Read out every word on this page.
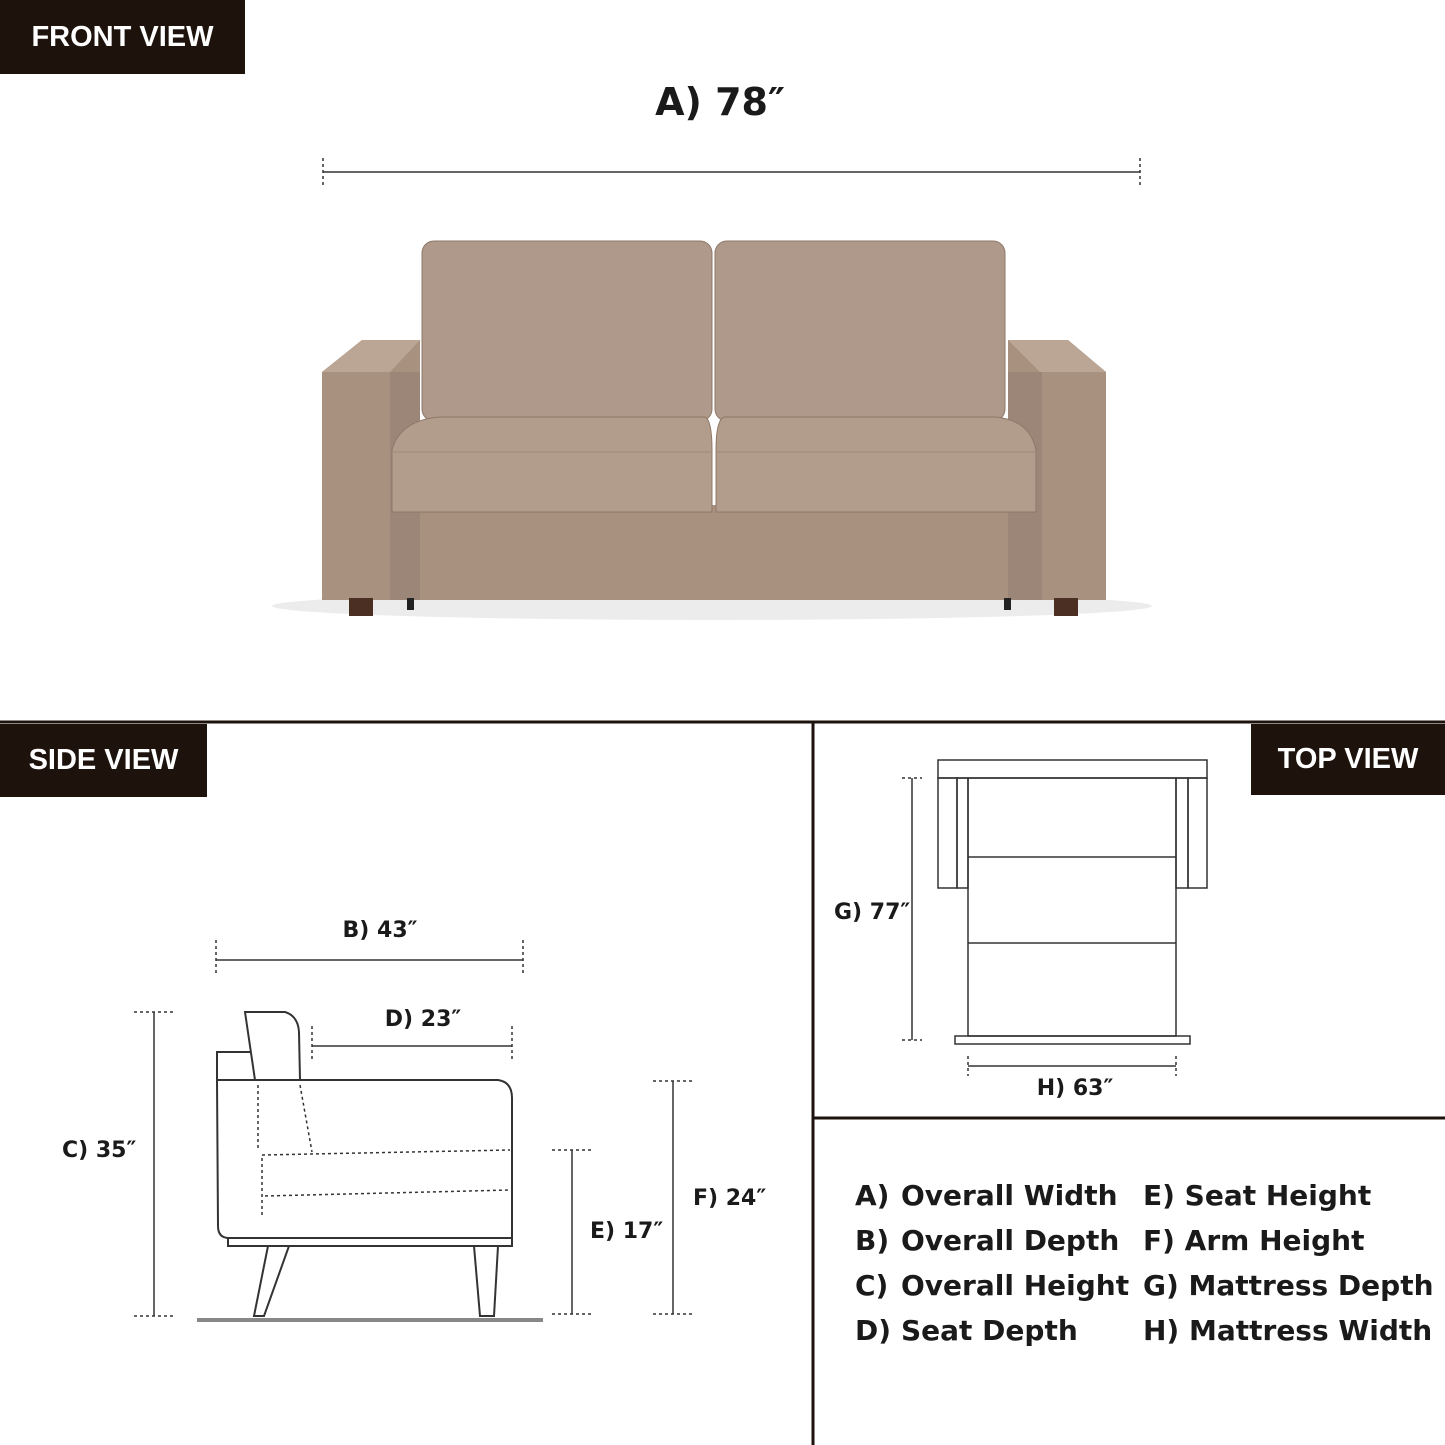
FRONT VIEW
SIDE VIEW	TOP VIEW
A) 78″
B) 43″
D) 23″
C) 35″
E) 17″
F) 24″
G) 77″
H) 63″
A) Overall Width
B) Overall Depth
C) Overall Height
D) Seat Depth
E) Seat Height
F) Arm Height
G) Mattress Depth
H) Mattress Width
